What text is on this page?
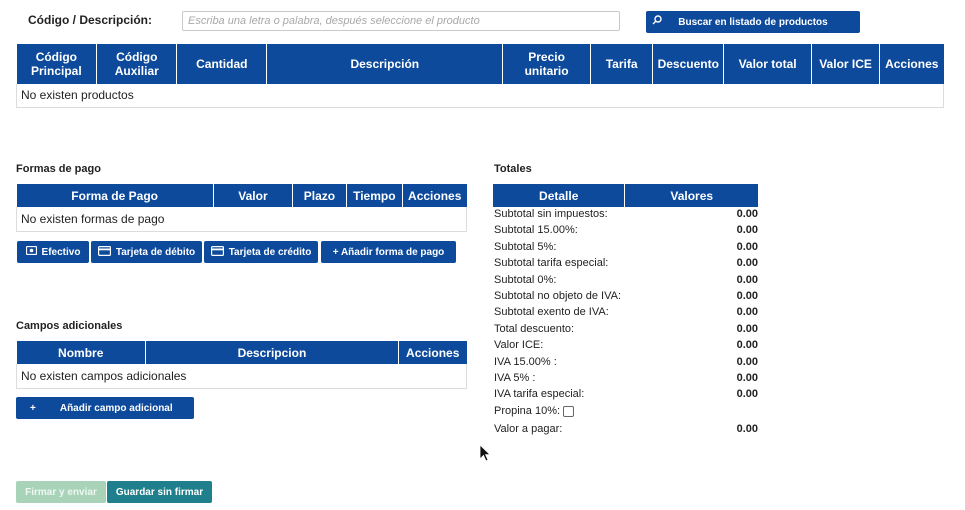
Código / Descripción:
Escriba una letra o palabra, después seleccione el producto	Buscar en listado de productos
Código Principal	Código Auxiliar	Cantidad	Descripción	Precio unitario	Tarifa	Descuento	Valor total	Valor ICE	Acciones
No existen productos
Formas de pago
Forma de Pago	Valor	Plazo	Tiempo	Acciones
No existen formas de pago
Efectivo	Tarjeta de débito	Tarjeta de crédito	+ Añadir forma de pago
Campos adicionales
Nombre	Descripcion	Acciones
No existen campos adicionales
+ Añadir campo adicional
Totales
Detalle	Valores
Subtotal sin impuestos:	0.00
Subtotal 15.00%:	0.00
Subtotal 5%:	0.00
Subtotal tarifa especial:	0.00
Subtotal 0%:	0.00
Subtotal no objeto de IVA:	0.00
Subtotal exento de IVA:	0.00
Total descuento:	0.00
Valor ICE:	0.00
IVA 15.00% :	0.00
IVA 5% :	0.00
IVA tarifa especial:	0.00
Propina 10%:
Valor a pagar:	0.00
Firmar y enviar	Guardar sin firmar
